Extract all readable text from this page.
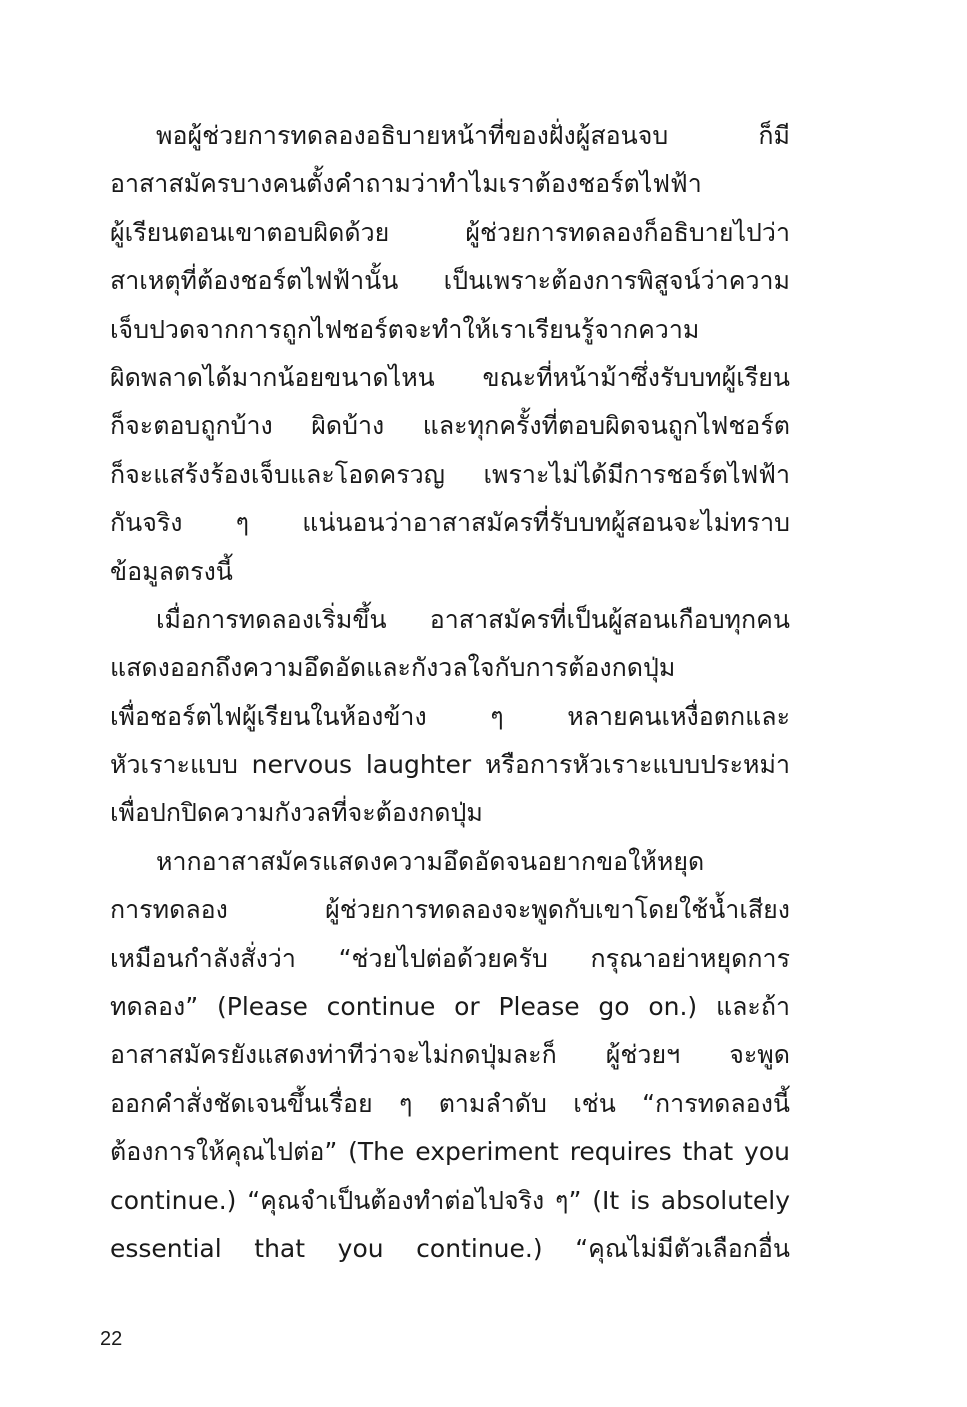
พอผู้ช่วยการทดลองอธิบายหน้าที่ของฝั่งผู้สอนจบ ก็มี
อาสาสมัครบางคนตั้งคำถามว่าทำไมเราต้องชอร์ตไฟฟ้า
ผู้เรียนตอนเขาตอบผิดด้วย ผู้ช่วยการทดลองก็อธิบายไปว่า
สาเหตุที่ต้องชอร์ตไฟฟ้านั้น เป็นเพราะต้องการพิสูจน์ว่าความ
เจ็บปวดจากการถูกไฟชอร์ตจะทำให้เราเรียนรู้จากความ
ผิดพลาดได้มากน้อยขนาดไหน ขณะที่หน้าม้าซึ่งรับบทผู้เรียน
ก็จะตอบถูกบ้าง ผิดบ้าง และทุกครั้งที่ตอบผิดจนถูกไฟชอร์ต
ก็จะแสร้งร้องเจ็บและโอดครวญ เพราะไม่ได้มีการชอร์ตไฟฟ้า
กันจริง ๆ แน่นอนว่าอาสาสมัครที่รับบทผู้สอนจะไม่ทราบ
ข้อมูลตรงนี้
เมื่อการทดลองเริ่มขึ้น อาสาสมัครที่เป็นผู้สอนเกือบทุกคน
แสดงออกถึงความอึดอัดและกังวลใจกับการต้องกดปุ่ม
เพื่อชอร์ตไฟผู้เรียนในห้องข้าง ๆ หลายคนเหงื่อตกและ
หัวเราะแบบ nervous laughter หรือการหัวเราะแบบประหม่า
เพื่อปกปิดความกังวลที่จะต้องกดปุ่ม
หากอาสาสมัครแสดงความอึดอัดจนอยากขอให้หยุด
การทดลอง ผู้ช่วยการทดลองจะพูดกับเขาโดยใช้น้ำเสียง
เหมือนกำลังสั่งว่า “ช่วยไปต่อด้วยครับ กรุณาอย่าหยุดการ
ทดลอง” (Please continue or Please go on.) และถ้า
อาสาสมัครยังแสดงท่าทีว่าจะไม่กดปุ่มละก็ ผู้ช่วยฯ จะพูด
ออกคำสั่งชัดเจนขึ้นเรื่อย ๆ ตามลำดับ เช่น “การทดลองนี้
ต้องการให้คุณไปต่อ” (The experiment requires that you
continue.) “คุณจำเป็นต้องทำต่อไปจริง ๆ” (It is absolutely
essential that you continue.) “คุณไม่มีตัวเลือกอื่น
22
